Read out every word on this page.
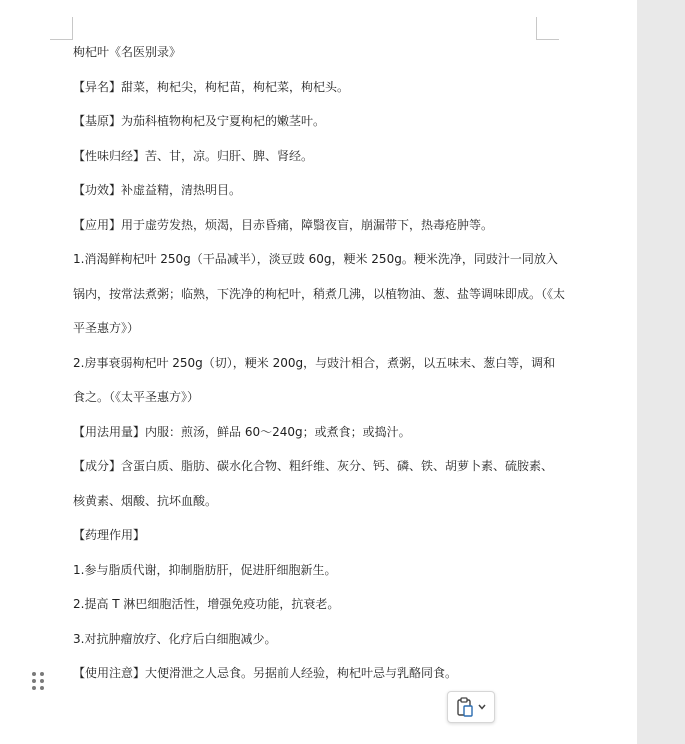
枸杞叶《名医别录》

【异名】甜菜，枸杞尖，枸杞苗，枸杞菜，枸杞头。

【基原】为茄科植物枸杞及宁夏枸杞的嫩茎叶。

【性味归经】苦、甘，凉。归肝、脾、肾经。

【功效】补虚益精，清热明目。

【应用】用于虚劳发热，烦渴，目赤昏痛，障翳夜盲，崩漏带下，热毒疮肿等。

1.消渴鲜枸杞叶 250g（干品减半），淡豆豉 60g，粳米 250g。粳米洗净，同豉汁一同放入

锅内，按常法煮粥；临熟，下洗净的枸杞叶，稍煮几沸，以植物油、葱、盐等调味即成。（《太

平圣惠方》）

2.房事衰弱枸杞叶 250g（切），粳米 200g，与豉汁相合，煮粥，以五味末、葱白等，调和

食之。（《太平圣惠方》）

【用法用量】内服：煎汤，鲜品 60～240g；或煮食；或捣汁。

【成分】含蛋白质、脂肪、碳水化合物、粗纤维、灰分、钙、磷、铁、胡萝卜素、硫胺素、

核黄素、烟酸、抗坏血酸。

【药理作用】

1.参与脂质代谢，抑制脂肪肝，促进肝细胞新生。

2.提高 T 淋巴细胞活性，增强免疫功能，抗衰老。

3.对抗肿瘤放疗、化疗后白细胞减少。

【使用注意】大便滑泄之人忌食。另据前人经验，枸杞叶忌与乳酪同食。
